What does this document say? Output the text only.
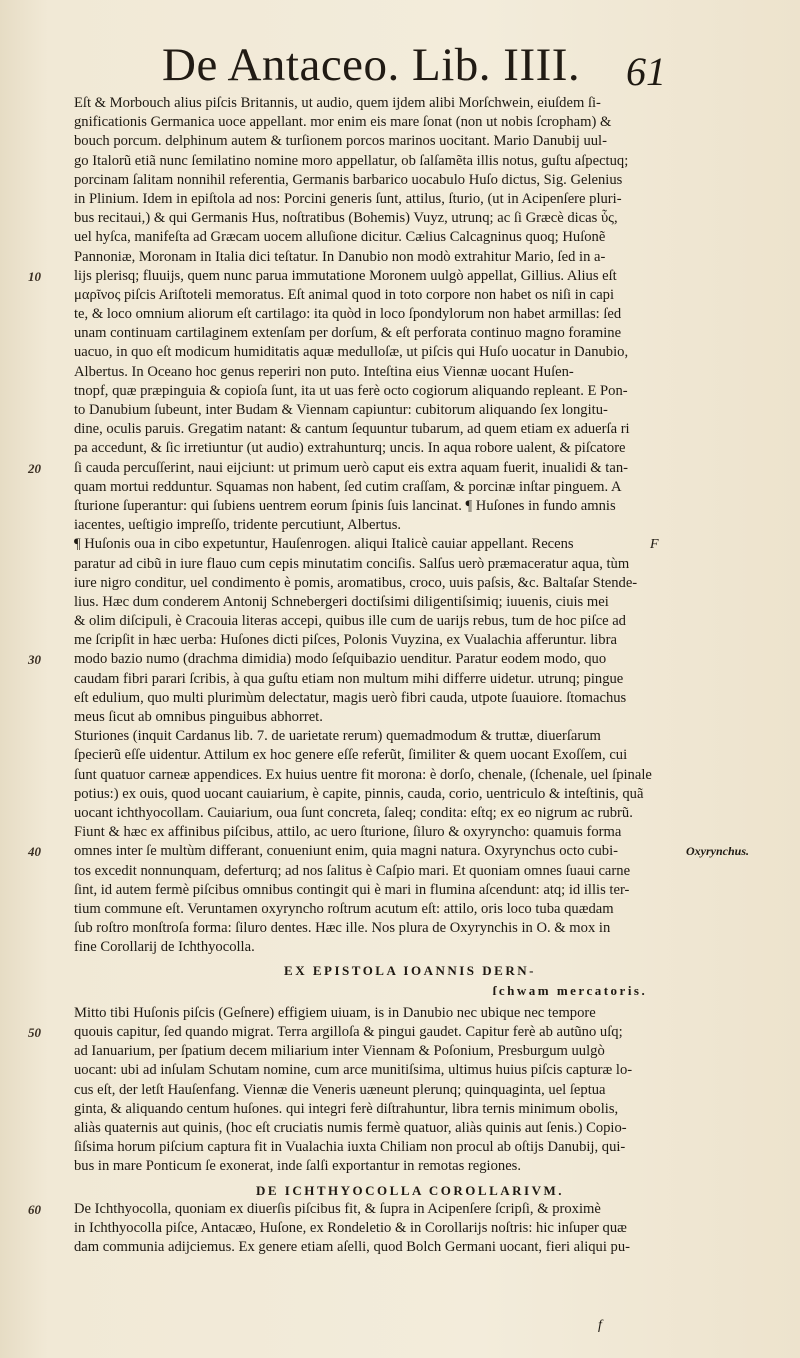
De Antaceo. Lib. IIII. 61
Eſt & Morbouch alius piſcis Britannis, ut audio, quem ijdem alibi Morſchwein, eiuſdem ſi-
gnificationis Germanica uoce appellant. mor enim eis mare ſonat (non ut nobis ſcropham) &
bouch porcum. delphinum autem & turſionem porcos marinos uocitant. Mario Danubij uul-
go Italorũ etiã nunc ſemilatino nomine moro appellatur, ob ſalſamẽta illis notus, guſtu aſpectuq;
porcinam ſalitam nonnihil referentia, Germanis barbarico uocabulo Huſo dictus, Sig. Gelenius
in Plinium. Idem in epiſtola ad nos: Porcini generis ſunt, attilus, ſturio, (ut in Acipenſere pluri-
bus recitaui,) & qui Germanis Hus, noſtratibus (Bohemis) Vuyz, utrunq; ac ſi Græcè dicas ὗς,
uel hyſca, manifeſta ad Græcam uocem alluſione dicitur. Cælius Calcagninus quoq; Huſonẽ
Pannoniæ, Moronam in Italia dici teſtatur. In Danubio non modò extrahitur Mario, ſed in a-
10	lijs plerisq; fluuijs, quem nunc parua immutatione Moronem uulgò appellat, Gillius. Alius eſt
μαρῖνος piſcis Ariſtoteli memoratus. Eſt animal quod in toto corpore non habet os niſi in capi
te, & loco omnium aliorum eſt cartilago: ita quòd in loco ſpondylorum non habet armillas: ſed
unam continuam cartilaginem extenſam per dorſum, & eſt perforata continuo magno foramine
uacuo, in quo eſt modicum humiditatis aquæ medulloſæ, ut piſcis qui Huſo uocatur in Danubio,
Albertus. In Oceano hoc genus reperiri non puto. Inteſtina eius Viennæ uocant Huſen-
tnopf, quæ præpinguia & copioſa ſunt, ita ut uas ferè octo cogiorum aliquando repleant. E Pon-
to Danubium ſubeunt, inter Budam & Viennam capiuntur: cubitorum aliquando ſex longitu-
dine, oculis paruis. Gregatim natant: & cantum ſequuntur tubarum, ad quem etiam ex aduerſa ri
pa accedunt, & ſic irretiuntur (ut audio) extrahunturq; uncis. In aqua robore ualent, & piſcatore
20	ſi cauda percuſſerint, naui eijciunt: ut primum uerò caput eis extra aquam fuerit, inualidi & tan-
quam mortui redduntur. Squamas non habent, ſed cutim craſſam, & porcinæ inſtar pinguem. A
ſturione ſuperantur: qui ſubiens uentrem eorum ſpinis ſuis lancinat. ¶ Huſones in fundo amnis
iacentes, ueſtigio impreſſo, tridente percutiunt, Albertus.
¶ Huſonis oua in cibo expetuntur, Hauſenrogen. aliqui Italicè cauiar appellant. Recens	F
paratur ad cibũ in iure flauo cum cepis minutatim conciſis. Salſus uerò præmaceratur aqua, tùm
iure nigro conditur, uel condimento è pomis, aromatibus, croco, uuis paſsis, &c. Baltaſar Stende-
lius. Hæc dum conderem Antonij Schnebergeri doctiſsimi diligentiſsimiq; iuuenis, ciuis mei
& olim diſcipuli, è Cracouia literas accepi, quibus ille cum de uarijs rebus, tum de hoc piſce ad
me ſcripſit in hæc uerba: Huſones dicti piſces, Polonis Vuyzina, ex Vualachia afferuntur. libra
30	modo bazio numo (drachma dimidia) modo ſeſquibazio uenditur. Paratur eodem modo, quo
caudam fibri parari ſcribis, à qua guſtu etiam non multum mihi differre uidetur. utrunq; pingue
eſt edulium, quo multi plurimùm delectatur, magis uerò fibri cauda, utpote ſuauiore. ſtomachus
meus ſicut ab omnibus pinguibus abhorret.
Sturiones (inquit Cardanus lib. 7. de uarietate rerum) quemadmodum & truttæ, diuerſarum
ſpecierũ eſſe uidentur. Attilum ex hoc genere eſſe referũt, ſimiliter & quem uocant Exoſſem, cui
ſunt quatuor carneæ appendices. Ex huius uentre fit morona: è dorſo, chenale, (ſchenale, uel ſpinale
potius:) ex ouis, quod uocant cauiarium, è capite, pinnis, cauda, corio, uentriculo & inteſtinis, quã
uocant ichthyocollam. Cauiarium, oua ſunt concreta, ſaleq; condita: eſtq; ex eo nigrum ac rubrũ.
Fiunt & hæc ex affinibus piſcibus, attilo, ac uero ſturione, ſiluro & oxyryncho: quamuis forma
40	omnes inter ſe multùm differant, conueniunt enim, quia magni natura. Oxyrynchus octo cubi-	Oxyrynchus.
tos excedit nonnunquam, deferturq; ad nos ſalitus è Caſpio mari. Et quoniam omnes ſuaui carne
ſint, id autem fermè piſcibus omnibus contingit qui è mari in flumina aſcendunt: atq; id illis ter-
tium commune eſt. Veruntamen oxyryncho roſtrum acutum eſt: attilo, oris loco tuba quædam
ſub roſtro monſtroſa forma: ſiluro dentes. Hæc ille. Nos plura de Oxyrynchis in O. & mox in
fine Corollarij de Ichthyocolla.
EX EPISTOLA IOANNIS DERN-
ſchwam mercatoris.
Mitto tibi Huſonis piſcis (Geſnere) effigiem uiuam, is in Danubio nec ubique nec tempore
50	quouis capitur, ſed quando migrat. Terra argilloſa & pingui gaudet. Capitur ferè ab autũno uſq;
ad Ianuarium, per ſpatium decem miliarium inter Viennam & Poſonium, Presburgum uulgò
uocant: ubi ad inſulam Schutam nomine, cum arce munitiſsima, ultimus huius piſcis capturæ lo-
cus eſt, der letſt Hauſenfang. Viennæ die Veneris uæneunt plerunq; quinquaginta, uel ſeptua
ginta, & aliquando centum huſones. qui integri ferè diſtrahuntur, libra ternis minimum obolis,
aliàs quaternis aut quinis, (hoc eſt cruciatis numis fermè quatuor, aliàs quinis aut ſenis.) Copio-
ſiſsima horum piſcium captura fit in Vualachia iuxta Chiliam non procul ab oſtijs Danubij, qui-
bus in mare Ponticum ſe exonerat, inde ſalſi exportantur in remotas regiones.
DE ICHTHYOCOLLA COROLLARIVM.
60	De Ichthyocolla, quoniam ex diuerſis piſcibus fit, & ſupra in Acipenſere ſcripſi, & proximè
in Ichthyocolla piſce, Antacæo, Huſone, ex Rondeletio & in Corollarijs noſtris: hic inſuper quæ
dam communia adijciemus. Ex genere etiam aſelli, quod Bolch Germani uocant, fieri aliqui pu-
f
